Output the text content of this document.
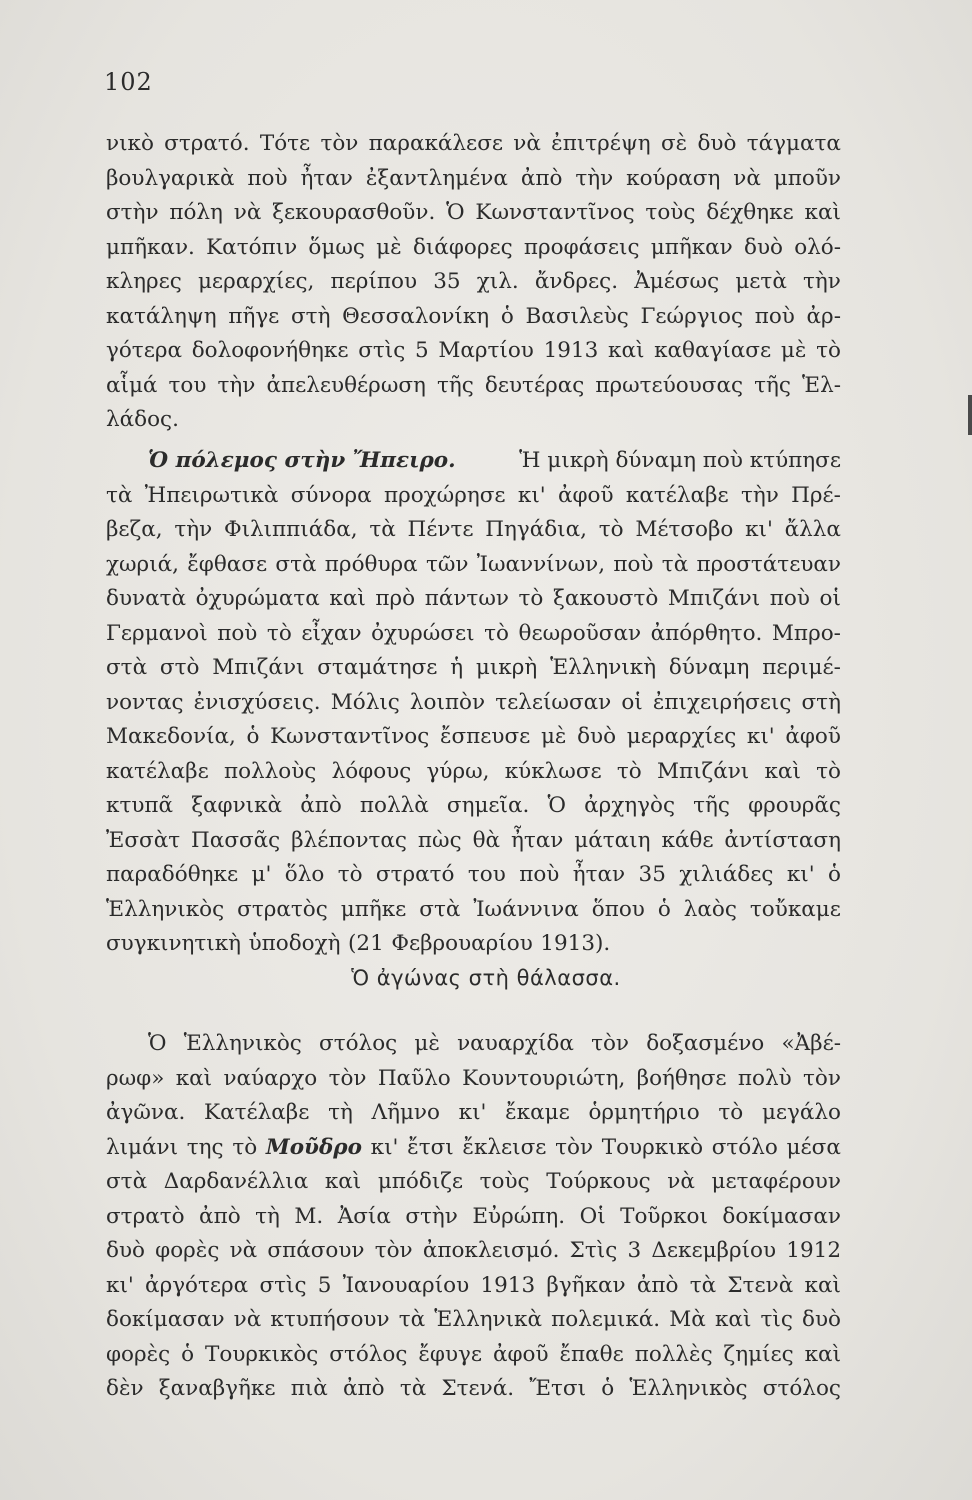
102
νικὸ στρατό. Τότε τὸν παρακάλεσε νὰ ἐπιτρέψη σὲ δυὸ τάγματα
βουλγαρικὰ ποὺ ἦταν ἐξαντλημένα ἀπὸ τὴν κούραση νὰ μποῦν
στὴν πόλη νὰ ξεκουρασθοῦν. Ὁ Κωνσταντῖνος τοὺς δέχθηκε καὶ
μπῆκαν. Κατόπιν ὅμως μὲ διάφορες προφάσεις μπῆκαν δυὸ ολό-
κληρες μεραρχίες, περίπου 35 χιλ. ἄνδρες. Ἀμέσως μετὰ τὴν
κατάληψη πῆγε στὴ Θεσσαλονίκη ὁ Βασιλεὺς Γεώργιος ποὺ ἀρ-
γότερα δολοφονήθηκε στὶς 5 Μαρτίου 1913 καὶ καθαγίασε μὲ τὸ
αἷμά του τὴν ἀπελευθέρωση τῆς δευτέρας πρωτεύουσας τῆς Ἑλ-
λάδος.
Ὁ πόλεμος στὴν Ἤπειρο.	Ἡ μικρὴ δύναμη ποὺ κτύπησε
τὰ Ἠπειρωτικὰ σύνορα προχώρησε κι' ἀφοῦ κατέλαβε τὴν Πρέ-
βεζα, τὴν Φιλιππιάδα, τὰ Πέντε Πηγάδια, τὸ Μέτσοβο κι' ἄλλα
χωριά, ἔφθασε στὰ πρόθυρα τῶν Ἰωαννίνων, ποὺ τὰ προστάτευαν
δυνατὰ ὀχυρώματα καὶ πρὸ πάντων τὸ ξακουστὸ Μπιζάνι ποὺ οἱ
Γερμανοὶ ποὺ τὸ εἶχαν ὀχυρώσει τὸ θεωροῦσαν ἀπόρθητο. Μπρο-
στὰ στὸ Μπιζάνι σταμάτησε ἡ μικρὴ Ἑλληνικὴ δύναμη περιμέ-
νοντας ἐνισχύσεις. Μόλις λοιπὸν τελείωσαν οἱ ἐπιχειρήσεις στὴ
Μακεδονία, ὁ Κωνσταντῖνος ἔσπευσε μὲ δυὸ μεραρχίες κι' ἀφοῦ
κατέλαβε πολλοὺς λόφους γύρω, κύκλωσε τὸ Μπιζάνι καὶ τὸ
κτυπᾶ ξαφνικὰ ἀπὸ πολλὰ σημεῖα. Ὁ ἀρχηγὸς τῆς φρουρᾶς
Ἐσσὰτ Πασσᾶς βλέποντας πὼς θὰ ἦταν μάταιη κάθε ἀντίσταση
παραδόθηκε μ' ὅλο τὸ στρατό του ποὺ ἦταν 35 χιλιάδες κι' ὁ
Ἑλληνικὸς στρατὸς μπῆκε στὰ Ἰωάννινα ὅπου ὁ λαὸς τοὔκαμε
συγκινητικὴ ὑποδοχὴ (21 Φεβρουαρίου 1913).
Ὁ ἀγώνας στὴ θάλασσα.
Ὁ Ἑλληνικὸς στόλος μὲ ναυαρχίδα τὸν δοξασμένο «Ἀβέ-
ρωφ» καὶ ναύαρχο τὸν Παῦλο Κουντουριώτη, βοήθησε πολὺ τὸν
ἀγῶνα. Κατέλαβε τὴ Λῆμνο κι' ἔκαμε ὁρμητήριο τὸ μεγάλο
λιμάνι της τὸ Μοῦδρο κι' ἔτσι ἔκλεισε τὸν Τουρκικὸ στόλο μέσα
στὰ Δαρδανέλλια καὶ μπόδιζε τοὺς Τούρκους νὰ μεταφέρουν
στρατὸ ἀπὸ τὴ Μ. Ἀσία στὴν Εὐρώπη. Οἱ Τοῦρκοι δοκίμασαν
δυὸ φορὲς νὰ σπάσουν τὸν ἀποκλεισμό. Στὶς 3 Δεκεμβρίου 1912
κι' ἀργότερα στὶς 5 Ἰανουαρίου 1913 βγῆκαν ἀπὸ τὰ Στενὰ καὶ
δοκίμασαν νὰ κτυπήσουν τὰ Ἑλληνικὰ πολεμικά. Μὰ καὶ τὶς δυὸ
φορὲς ὁ Τουρκικὸς στόλος ἔφυγε ἀφοῦ ἔπαθε πολλὲς ζημίες καὶ
δὲν ξαναβγῆκε πιὰ ἀπὸ τὰ Στενά. Ἔτσι ὁ Ἑλληνικὸς στόλος
